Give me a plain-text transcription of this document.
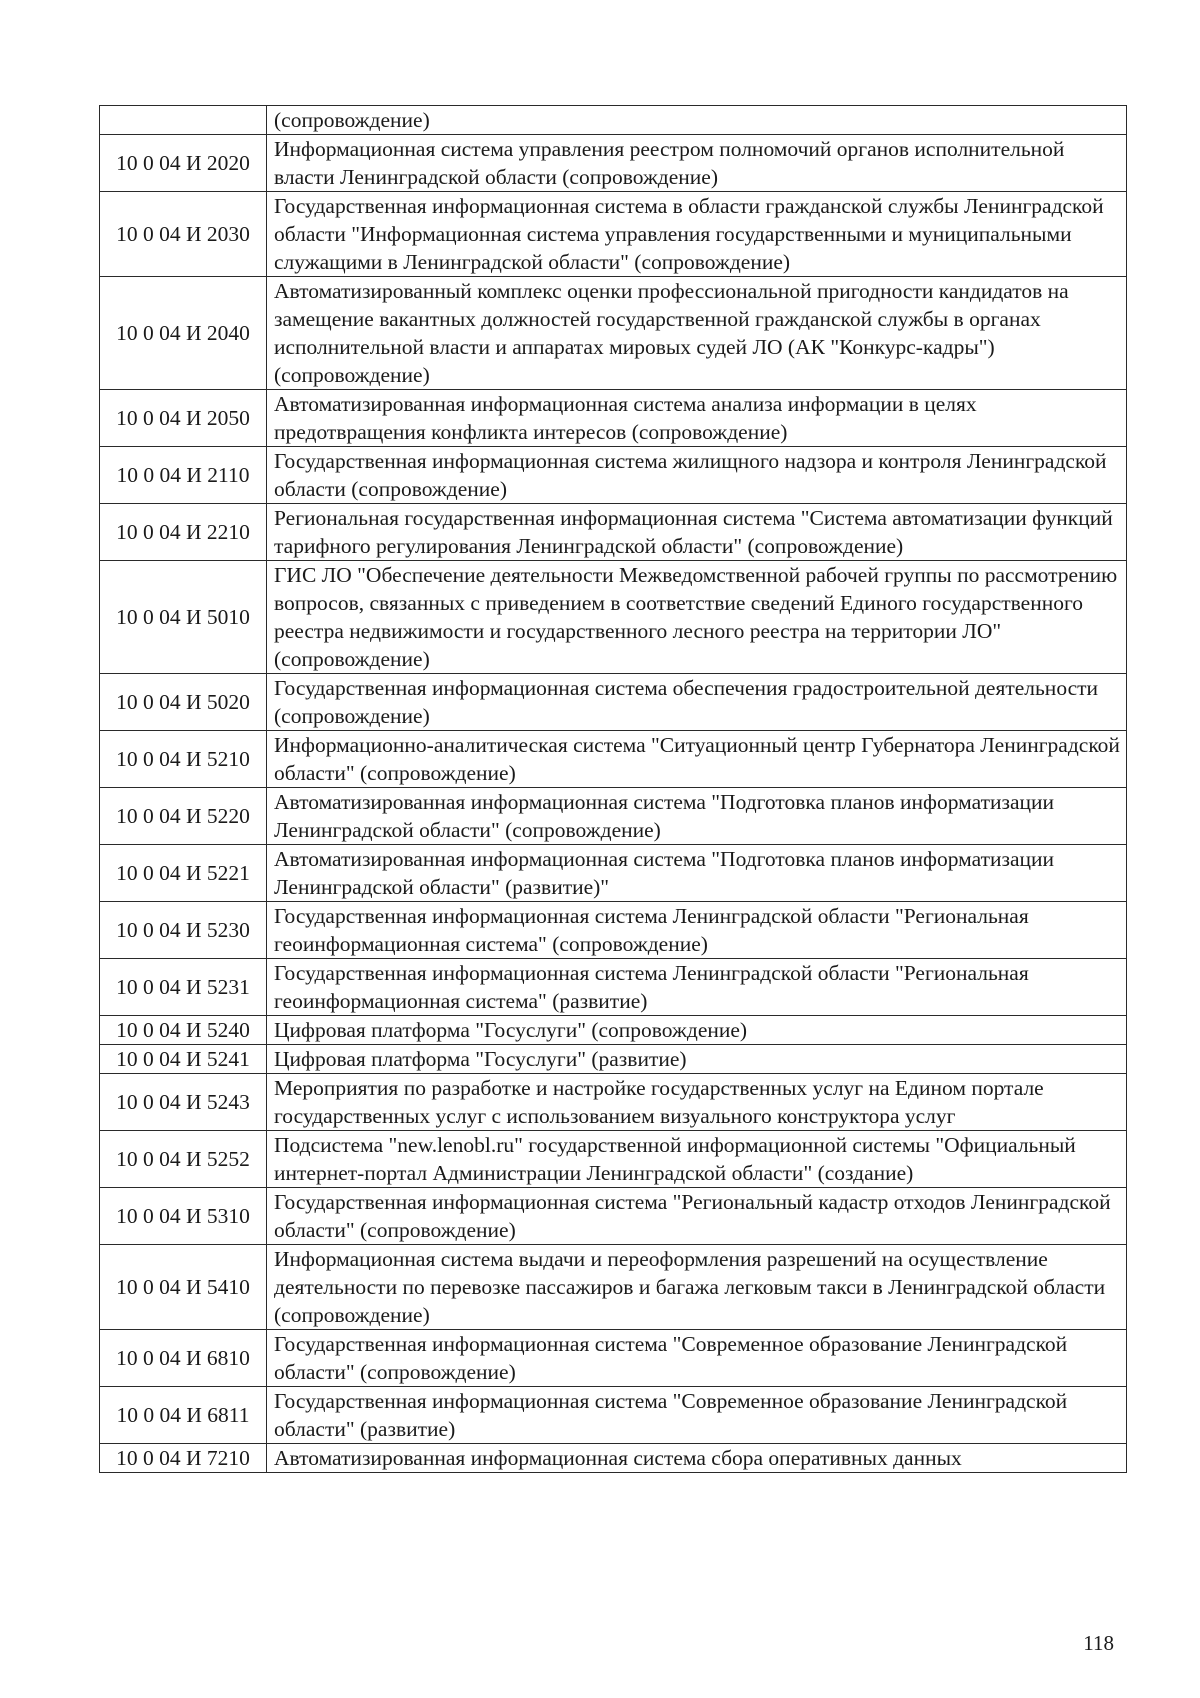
	(сопровождение)
10 0 04 И 2020	Информационная система управления реестром полномочий органов исполнительной власти Ленинградской области (сопровождение)
10 0 04 И 2030	Государственная информационная система в области гражданской службы Ленинградской области "Информационная система управления государственными и муниципальными служащими в Ленинградской области" (сопровождение)
10 0 04 И 2040	Автоматизированный комплекс оценки профессиональной пригодности кандидатов на замещение вакантных должностей государственной гражданской службы в органах исполнительной власти и аппаратах мировых судей ЛО (АК "Конкурс-кадры") (сопровождение)
10 0 04 И 2050	Автоматизированная информационная система анализа информации в целях предотвращения конфликта интересов (сопровождение)
10 0 04 И 2110	Государственная информационная система жилищного надзора и контроля Ленинградской области (сопровождение)
10 0 04 И 2210	Региональная государственная информационная система "Система автоматизации функций тарифного регулирования Ленинградской области" (сопровождение)
10 0 04 И 5010	ГИС ЛО "Обеспечение деятельности Межведомственной рабочей группы по рассмотрению вопросов, связанных с приведением в соответствие сведений Единого государственного реестра недвижимости и государственного лесного реестра на территории ЛО" (сопровождение)
10 0 04 И 5020	Государственная информационная система обеспечения градостроительной деятельности (сопровождение)
10 0 04 И 5210	Информационно-аналитическая система "Ситуационный центр Губернатора Ленинградской области" (сопровождение)
10 0 04 И 5220	Автоматизированная информационная система "Подготовка планов информатизации Ленинградской области" (сопровождение)
10 0 04 И 5221	Автоматизированная информационная система "Подготовка планов информатизации Ленинградской области" (развитие)"
10 0 04 И 5230	Государственная информационная система Ленинградской области "Региональная геоинформационная система" (сопровождение)
10 0 04 И 5231	Государственная информационная система Ленинградской области "Региональная геоинформационная система" (развитие)
10 0 04 И 5240	Цифровая платформа "Госуслуги" (сопровождение)
10 0 04 И 5241	Цифровая платформа "Госуслуги" (развитие)
10 0 04 И 5243	Мероприятия по разработке и настройке государственных услуг на Едином портале государственных услуг с использованием визуального конструктора услуг
10 0 04 И 5252	Подсистема "new.lenobl.ru" государственной информационной системы "Официальный интернет-портал Администрации Ленинградской области" (создание)
10 0 04 И 5310	Государственная информационная система "Региональный кадастр отходов Ленинградской области" (сопровождение)
10 0 04 И 5410	Информационная система выдачи и переоформления разрешений на осуществление деятельности по перевозке пассажиров и багажа легковым такси в Ленинградской области (сопровождение)
10 0 04 И 6810	Государственная информационная система "Современное образование Ленинградской области" (сопровождение)
10 0 04 И 6811	Государственная информационная система "Современное образование Ленинградской области" (развитие)
10 0 04 И 7210	Автоматизированная информационная система сбора оперативных данных
118
